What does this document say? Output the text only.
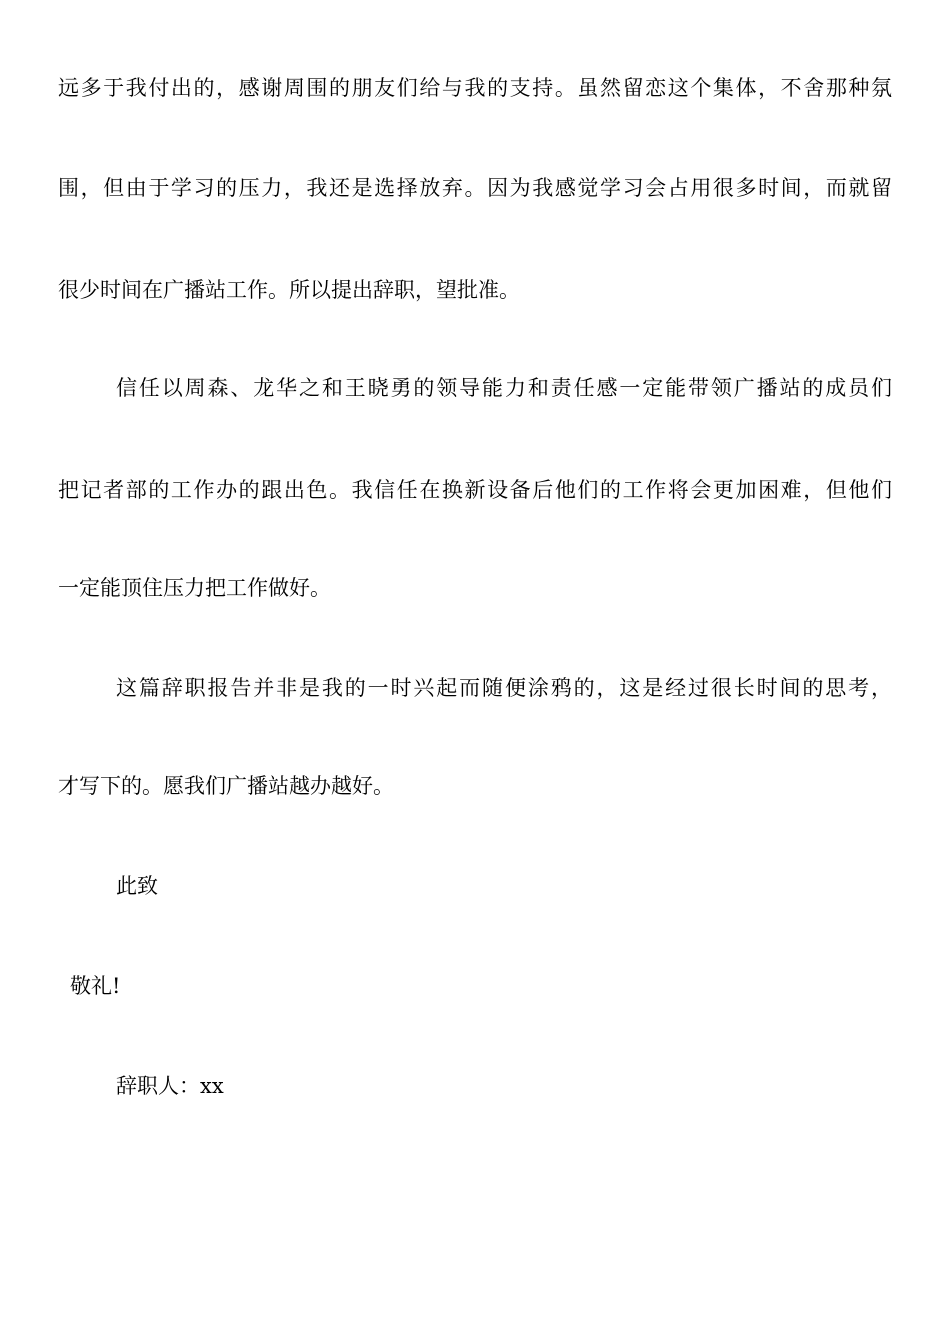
远多于我付出的，感谢周围的朋友们给与我的支持。虽然留恋这个集体，不舍那种氛
围，但由于学习的压力，我还是选择放弃。因为我感觉学习会占用很多时间，而就留
很少时间在广播站工作。所以提出辞职，望批准。
信任以周森、龙华之和王晓勇的领导能力和责任感一定能带领广播站的成员们
把记者部的工作办的跟出色。我信任在换新设备后他们的工作将会更加困难，但他们
一定能顶住压力把工作做好。
这篇辞职报告并非是我的一时兴起而随便涂鸦的，这是经过很长时间的思考，
才写下的。愿我们广播站越办越好。
此致
敬礼!
辞职人：xx
